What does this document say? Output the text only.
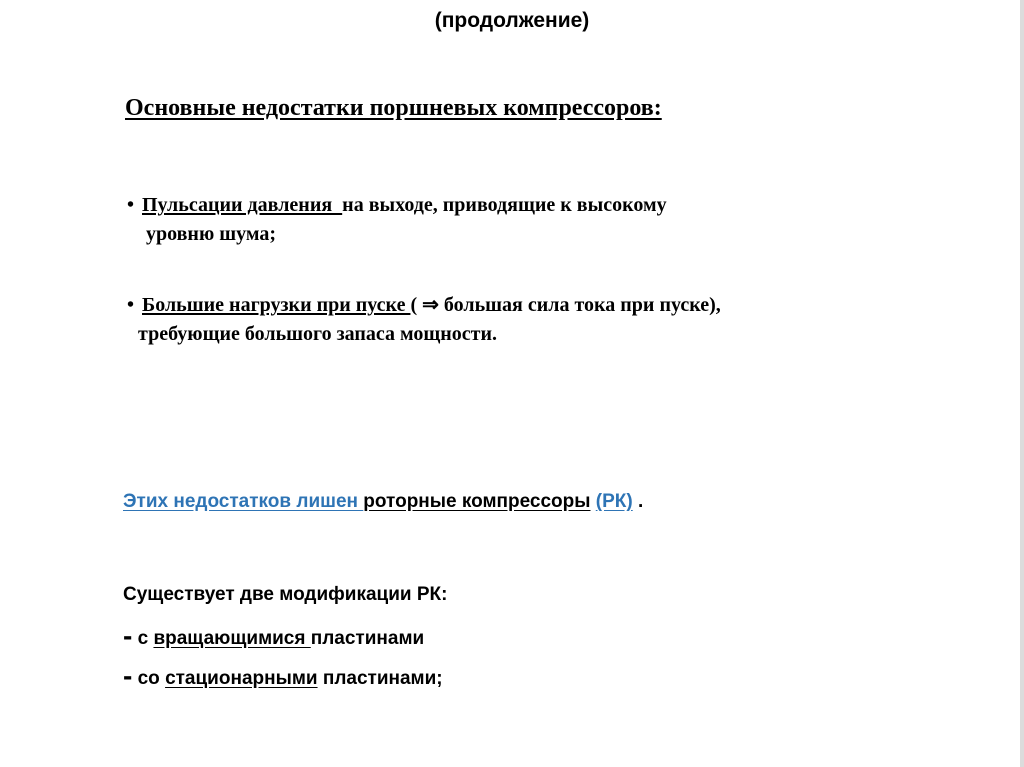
(продолжение)
Основные недостатки поршневых компрессоров:
• Пульсации давления  на выходе, приводящие к высокому
уровню шума;
• Большие нагрузки при пуске ( ⇒ большая сила тока при пуске),
требующие большого запаса мощности.
Этих недостатков лишен роторные компрессоры (РК) .
Существует две модификации РК:
- с вращающимися пластинами
- со стационарными пластинами;
